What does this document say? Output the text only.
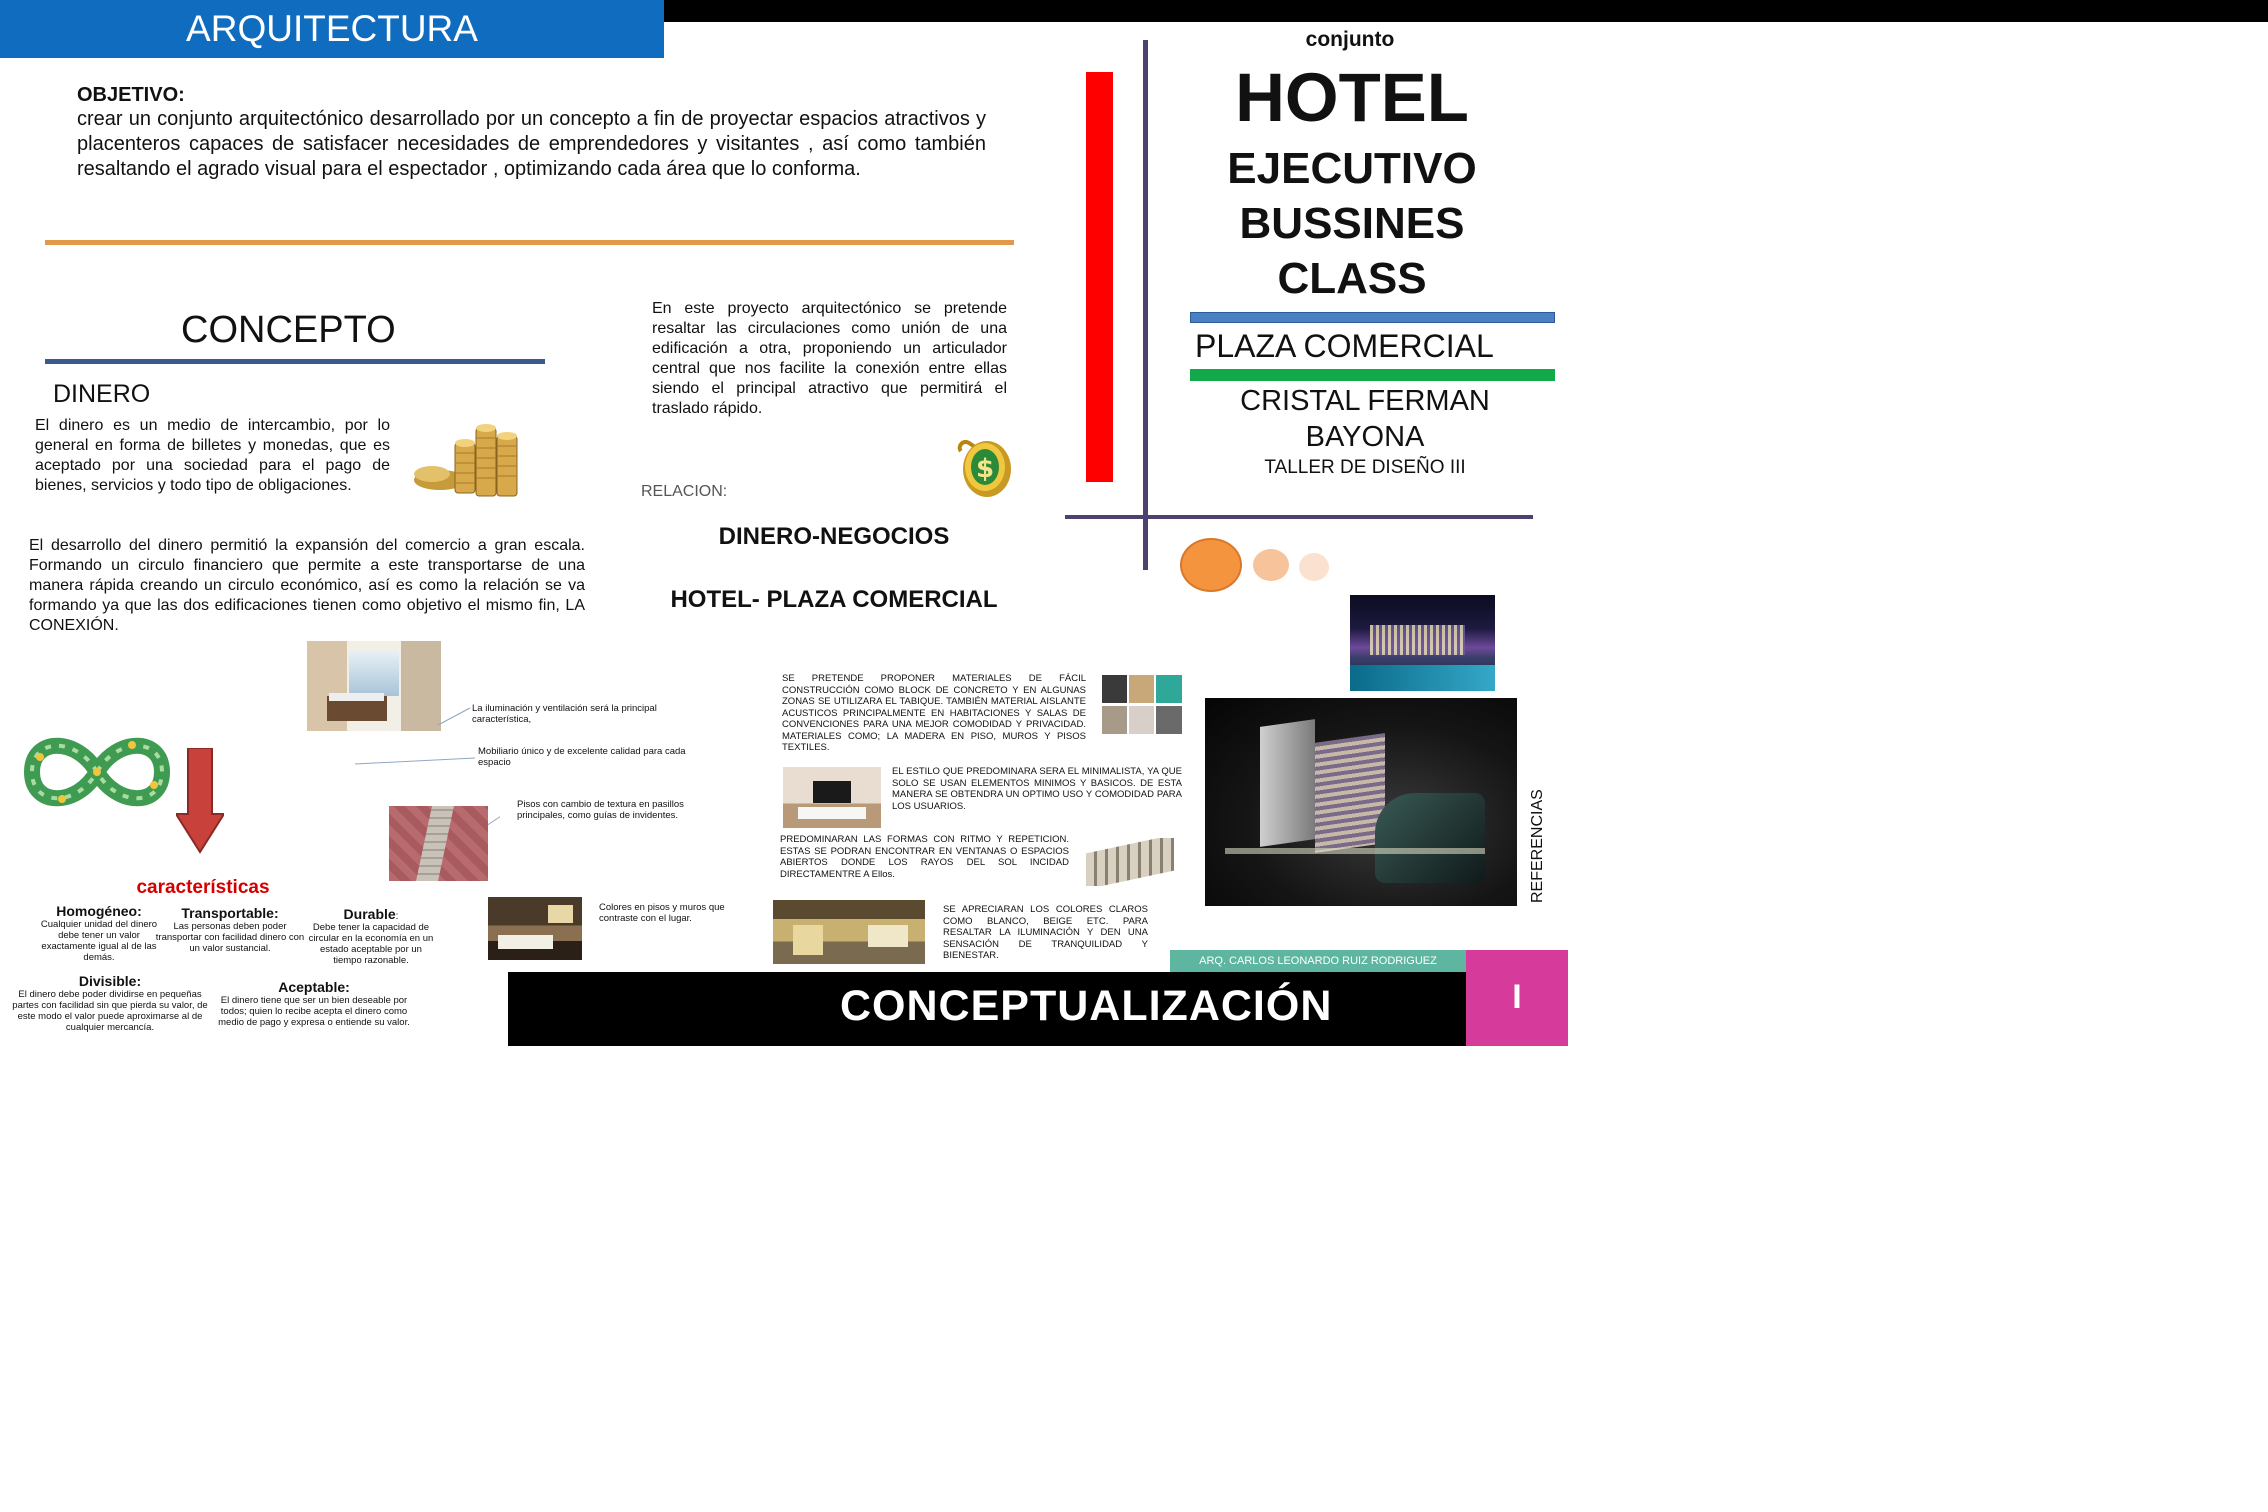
ARQUITECTURA
OBJETIVO:
crear un conjunto arquitectónico desarrollado por un concepto a fin de proyectar espacios atractivos y placenteros capaces de satisfacer necesidades de emprendedores y visitantes , así como también resaltando el agrado visual para el espectador , optimizando cada área que lo conforma.
CONCEPTO
DINERO
El dinero es un medio de intercambio, por lo general en forma de billetes y monedas, que es aceptado por una sociedad para el pago de bienes, servicios y todo tipo de obligaciones.
El desarrollo del dinero permitió la expansión del comercio a gran escala. Formando un circulo financiero que permite a este transportarse de una manera rápida creando un circulo económico, así es como la relación se va formando ya que las dos edificaciones tienen como objetivo el mismo fin, LA CONEXIÓN.
En este proyecto arquitectónico se pretende resaltar las circulaciones como unión de una edificación a otra, proponiendo un articulador central que nos facilite la conexión entre ellas siendo el principal atractivo que permitirá el traslado rápido.
$
RELACION:
DINERO-NEGOCIOS
HOTEL- PLAZA COMERCIAL
conjunto
HOTEL
EJECUTIVO
BUSSINES
CLASS
PLAZA COMERCIAL
CRISTAL FERMAN
BAYONA
TALLER DE DISEÑO III
REFERENCIAS
características
Homogéneo:
Cualquier unidad del dinero debe tener un valor exactamente igual al de las demás.
Transportable:
Las personas deben poder transportar con facilidad dinero con un valor sustancial.
Durable:
Debe tener la capacidad de circular en la economía en un estado aceptable por un tiempo razonable.
Divisible:
El dinero debe poder dividirse en pequeñas partes con facilidad sin que pierda su valor, de este modo el valor puede aproximarse al de cualquier mercancía.
Aceptable:
El dinero tiene que ser un bien deseable por todos; quien lo recibe acepta el dinero como medio de pago y expresa o entiende su valor.
La iluminación y ventilación será la principal característica,
Mobiliario único y de excelente calidad para cada espacio
Pisos con cambio de textura en pasillos principales, como guías de invidentes.
Colores en pisos y muros que contraste con el lugar.
SE PRETENDE PROPONER MATERIALES DE FÁCIL CONSTRUCCIÓN COMO BLOCK DE CONCRETO Y EN ALGUNAS ZONAS SE UTILIZARA EL TABIQUE. TAMBIÉN MATERIAL AISLANTE ACUSTICOS PRINCIPALMENTE EN HABITACIONES Y SALAS DE CONVENCIONES PARA UNA MEJOR COMODIDAD Y PRIVACIDAD. MATERIALES COMO; LA MADERA EN PISO, MUROS Y PISOS TEXTILES.
EL ESTILO QUE PREDOMINARA SERA EL MINIMALISTA, YA QUE SOLO SE USAN ELEMENTOS MINIMOS Y BASICOS. DE ESTA MANERA SE OBTENDRA UN OPTIMO USO Y COMODIDAD PARA LOS USUARIOS.
PREDOMINARAN LAS FORMAS CON RITMO Y REPETICION. ESTAS SE PODRAN ENCONTRAR EN VENTANAS O ESPACIOS ABIERTOS DONDE LOS RAYOS DEL SOL INCIDAD DIRECTAMENTRE A Ellos.
SE APRECIARAN LOS COLORES CLAROS COMO BLANCO, BEIGE ETC. PARA RESALTAR LA ILUMINACIÓN Y DEN UNA SENSACIÓN DE TRANQUILIDAD Y BIENESTAR.	ARQ. CARLOS LEONARDO RUIZ RODRIGUEZ
CONCEPTUALIZACIÓN	I
